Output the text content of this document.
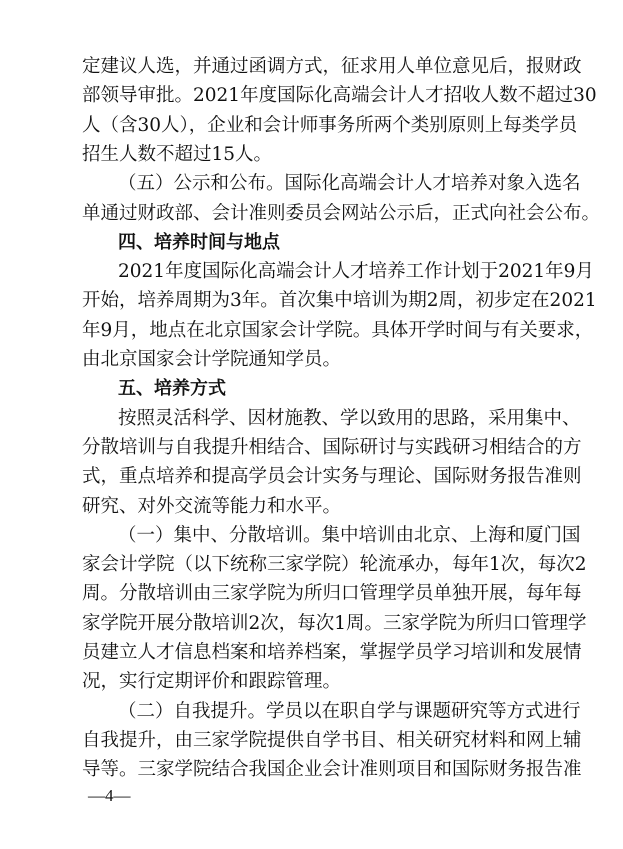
定建议人选，并通过函调方式，征求用人单位意见后，报财政
部领导审批。2021年度国际化高端会计人才招收人数不超过30
人（含30人），企业和会计师事务所两个类别原则上每类学员
招生人数不超过15人。
（五）公示和公布。国际化高端会计人才培养对象入选名
单通过财政部、会计准则委员会网站公示后，正式向社会公布。
四、培养时间与地点
2021年度国际化高端会计人才培养工作计划于2021年9月
开始，培养周期为3年。首次集中培训为期2周，初步定在2021
年9月，地点在北京国家会计学院。具体开学时间与有关要求，
由北京国家会计学院通知学员。
五、培养方式
按照灵活科学、因材施教、学以致用的思路，采用集中、
分散培训与自我提升相结合、国际研讨与实践研习相结合的方
式，重点培养和提高学员会计实务与理论、国际财务报告准则
研究、对外交流等能力和水平。
（一）集中、分散培训。集中培训由北京、上海和厦门国
家会计学院（以下统称三家学院）轮流承办，每年1次，每次2
周。分散培训由三家学院为所归口管理学员单独开展，每年每
家学院开展分散培训2次，每次1周。三家学院为所归口管理学
员建立人才信息档案和培养档案，掌握学员学习培训和发展情
况，实行定期评价和跟踪管理。
（二）自我提升。学员以在职自学与课题研究等方式进行
自我提升，由三家学院提供自学书目、相关研究材料和网上辅
导等。三家学院结合我国企业会计准则项目和国际财务报告准
—4—
